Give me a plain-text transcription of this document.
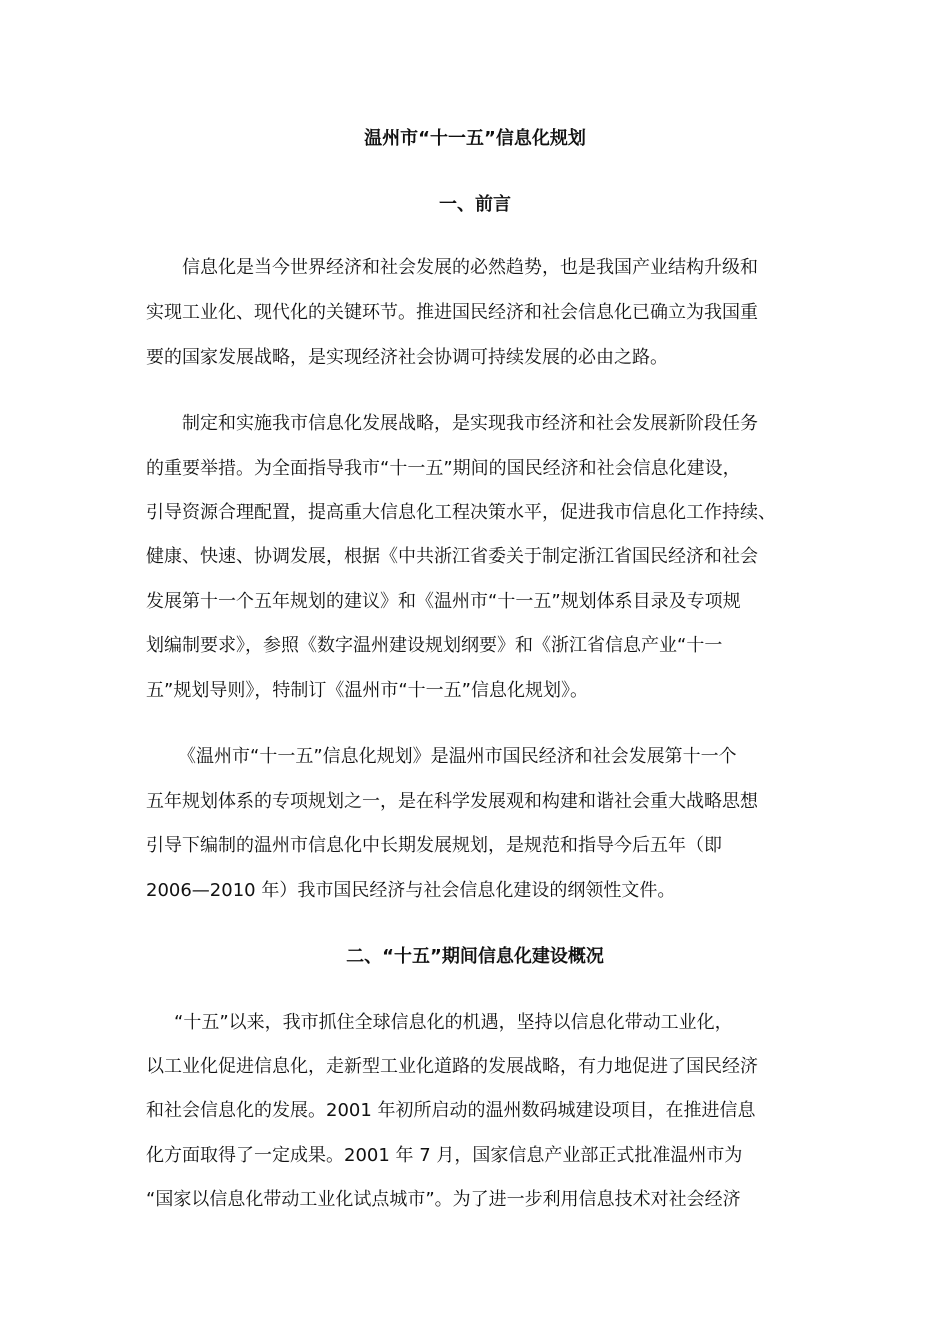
温州市“十一五”信息化规划
一、前言
信息化是当今世界经济和社会发展的必然趋势，也是我国产业结构升级和
实现工业化、现代化的关键环节。推进国民经济和社会信息化已确立为我国重
要的国家发展战略，是实现经济社会协调可持续发展的必由之路。
制定和实施我市信息化发展战略，是实现我市经济和社会发展新阶段任务
的重要举措。为全面指导我市“十一五”期间的国民经济和社会信息化建设，
引导资源合理配置，提高重大信息化工程决策水平，促进我市信息化工作持续、
健康、快速、协调发展，根据《中共浙江省委关于制定浙江省国民经济和社会
发展第十一个五年规划的建议》和《温州市“十一五”规划体系目录及专项规
划编制要求》，参照《数字温州建设规划纲要》和《浙江省信息产业“十一
五”规划导则》，特制订《温州市“十一五”信息化规划》。
《温州市“十一五”信息化规划》是温州市国民经济和社会发展第十一个
五年规划体系的专项规划之一，是在科学发展观和构建和谐社会重大战略思想
引导下编制的温州市信息化中长期发展规划，是规范和指导今后五年（即
2006—2010 年）我市国民经济与社会信息化建设的纲领性文件。
二、“十五”期间信息化建设概况
“十五”以来，我市抓住全球信息化的机遇，坚持以信息化带动工业化，
以工业化促进信息化，走新型工业化道路的发展战略，有力地促进了国民经济
和社会信息化的发展。2001 年初所启动的温州数码城建设项目，在推进信息
化方面取得了一定成果。2001 年 7 月，国家信息产业部正式批准温州市为
“国家以信息化带动工业化试点城市”。为了进一步利用信息技术对社会经济
